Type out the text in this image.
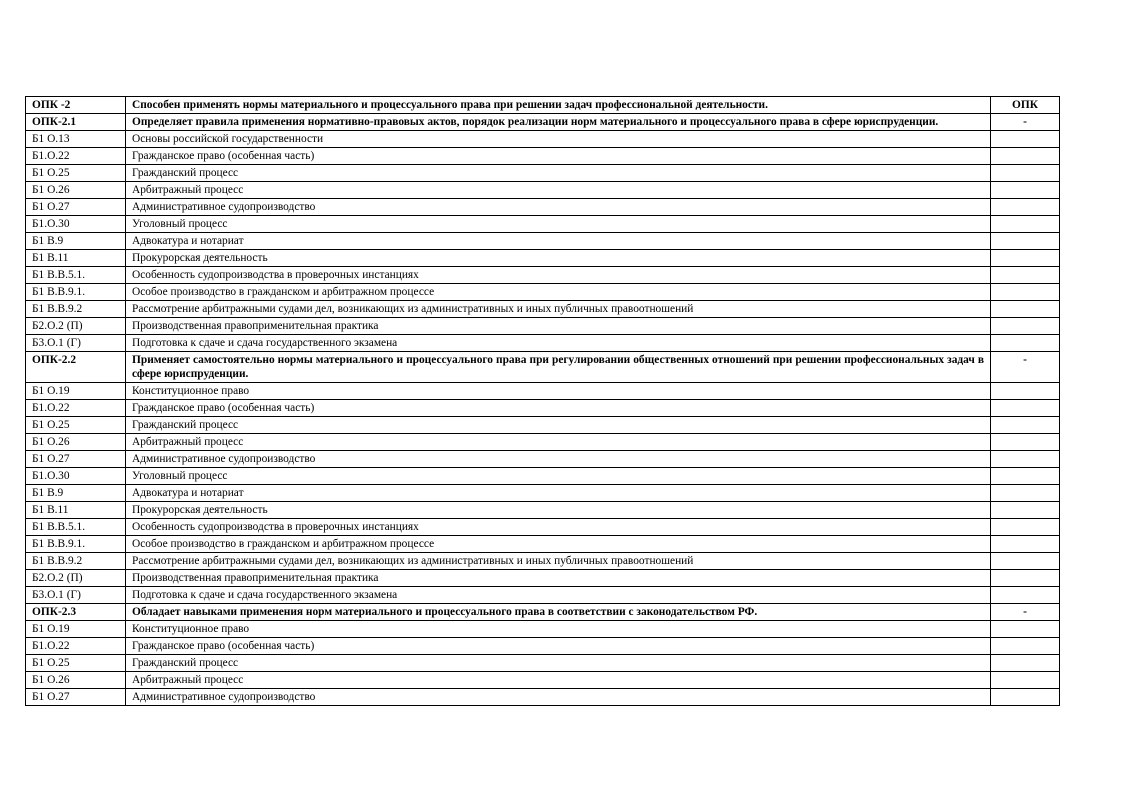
ОПК -2	Способен применять нормы материального и процессуального права при решении задач профессиональной деятельности.	ОПК
ОПК-2.1	Определяет правила применения нормативно-правовых актов, порядок реализации норм материального и процессуального права в сфере юриспруденции.	-
Б1 О.13	Основы российской государственности	
Б1.О.22	Гражданское право (особенная часть)	
Б1 О.25	Гражданский процесс	
Б1 О.26	Арбитражный процесс	
Б1 О.27	Административное судопроизводство	
Б1.О.30	Уголовный процесс	
Б1 В.9	Адвокатура и нотариат	
Б1 В.11	Прокурорская деятельность	
Б1 В.В.5.1.	Особенность судопроизводства в проверочных инстанциях	
Б1 В.В.9.1.	Особое производство в гражданском и арбитражном процессе	
Б1 В.В.9.2	Рассмотрение арбитражными судами дел, возникающих из административных и иных публичных правоотношений	
Б2.О.2 (П)	Производственная правоприменительная практика	
Б3.О.1 (Г)	Подготовка к сдаче и сдача государственного экзамена	
ОПК-2.2	Применяет самостоятельно нормы материального и процессуального права при регулировании общественных отношений при решении профессиональных задач в сфере юриспруденции.	-
Б1 О.19	Конституционное право	
Б1.О.22	Гражданское право (особенная часть)	
Б1 О.25	Гражданский процесс	
Б1 О.26	Арбитражный процесс	
Б1 О.27	Административное судопроизводство	
Б1.О.30	Уголовный процесс	
Б1 В.9	Адвокатура и нотариат	
Б1 В.11	Прокурорская деятельность	
Б1 В.В.5.1.	Особенность судопроизводства в проверочных инстанциях	
Б1 В.В.9.1.	Особое производство в гражданском и арбитражном процессе	
Б1 В.В.9.2	Рассмотрение арбитражными судами дел, возникающих из административных и иных публичных правоотношений	
Б2.О.2 (П)	Производственная правоприменительная практика	
Б3.О.1 (Г)	Подготовка к сдаче и сдача государственного экзамена	
ОПК-2.3	Обладает навыками применения норм материального и процессуального права в соответствии с законодательством РФ.	-
Б1 О.19	Конституционное право	
Б1.О.22	Гражданское право (особенная часть)	
Б1 О.25	Гражданский процесс	
Б1 О.26	Арбитражный процесс	
Б1 О.27	Административное судопроизводство	
